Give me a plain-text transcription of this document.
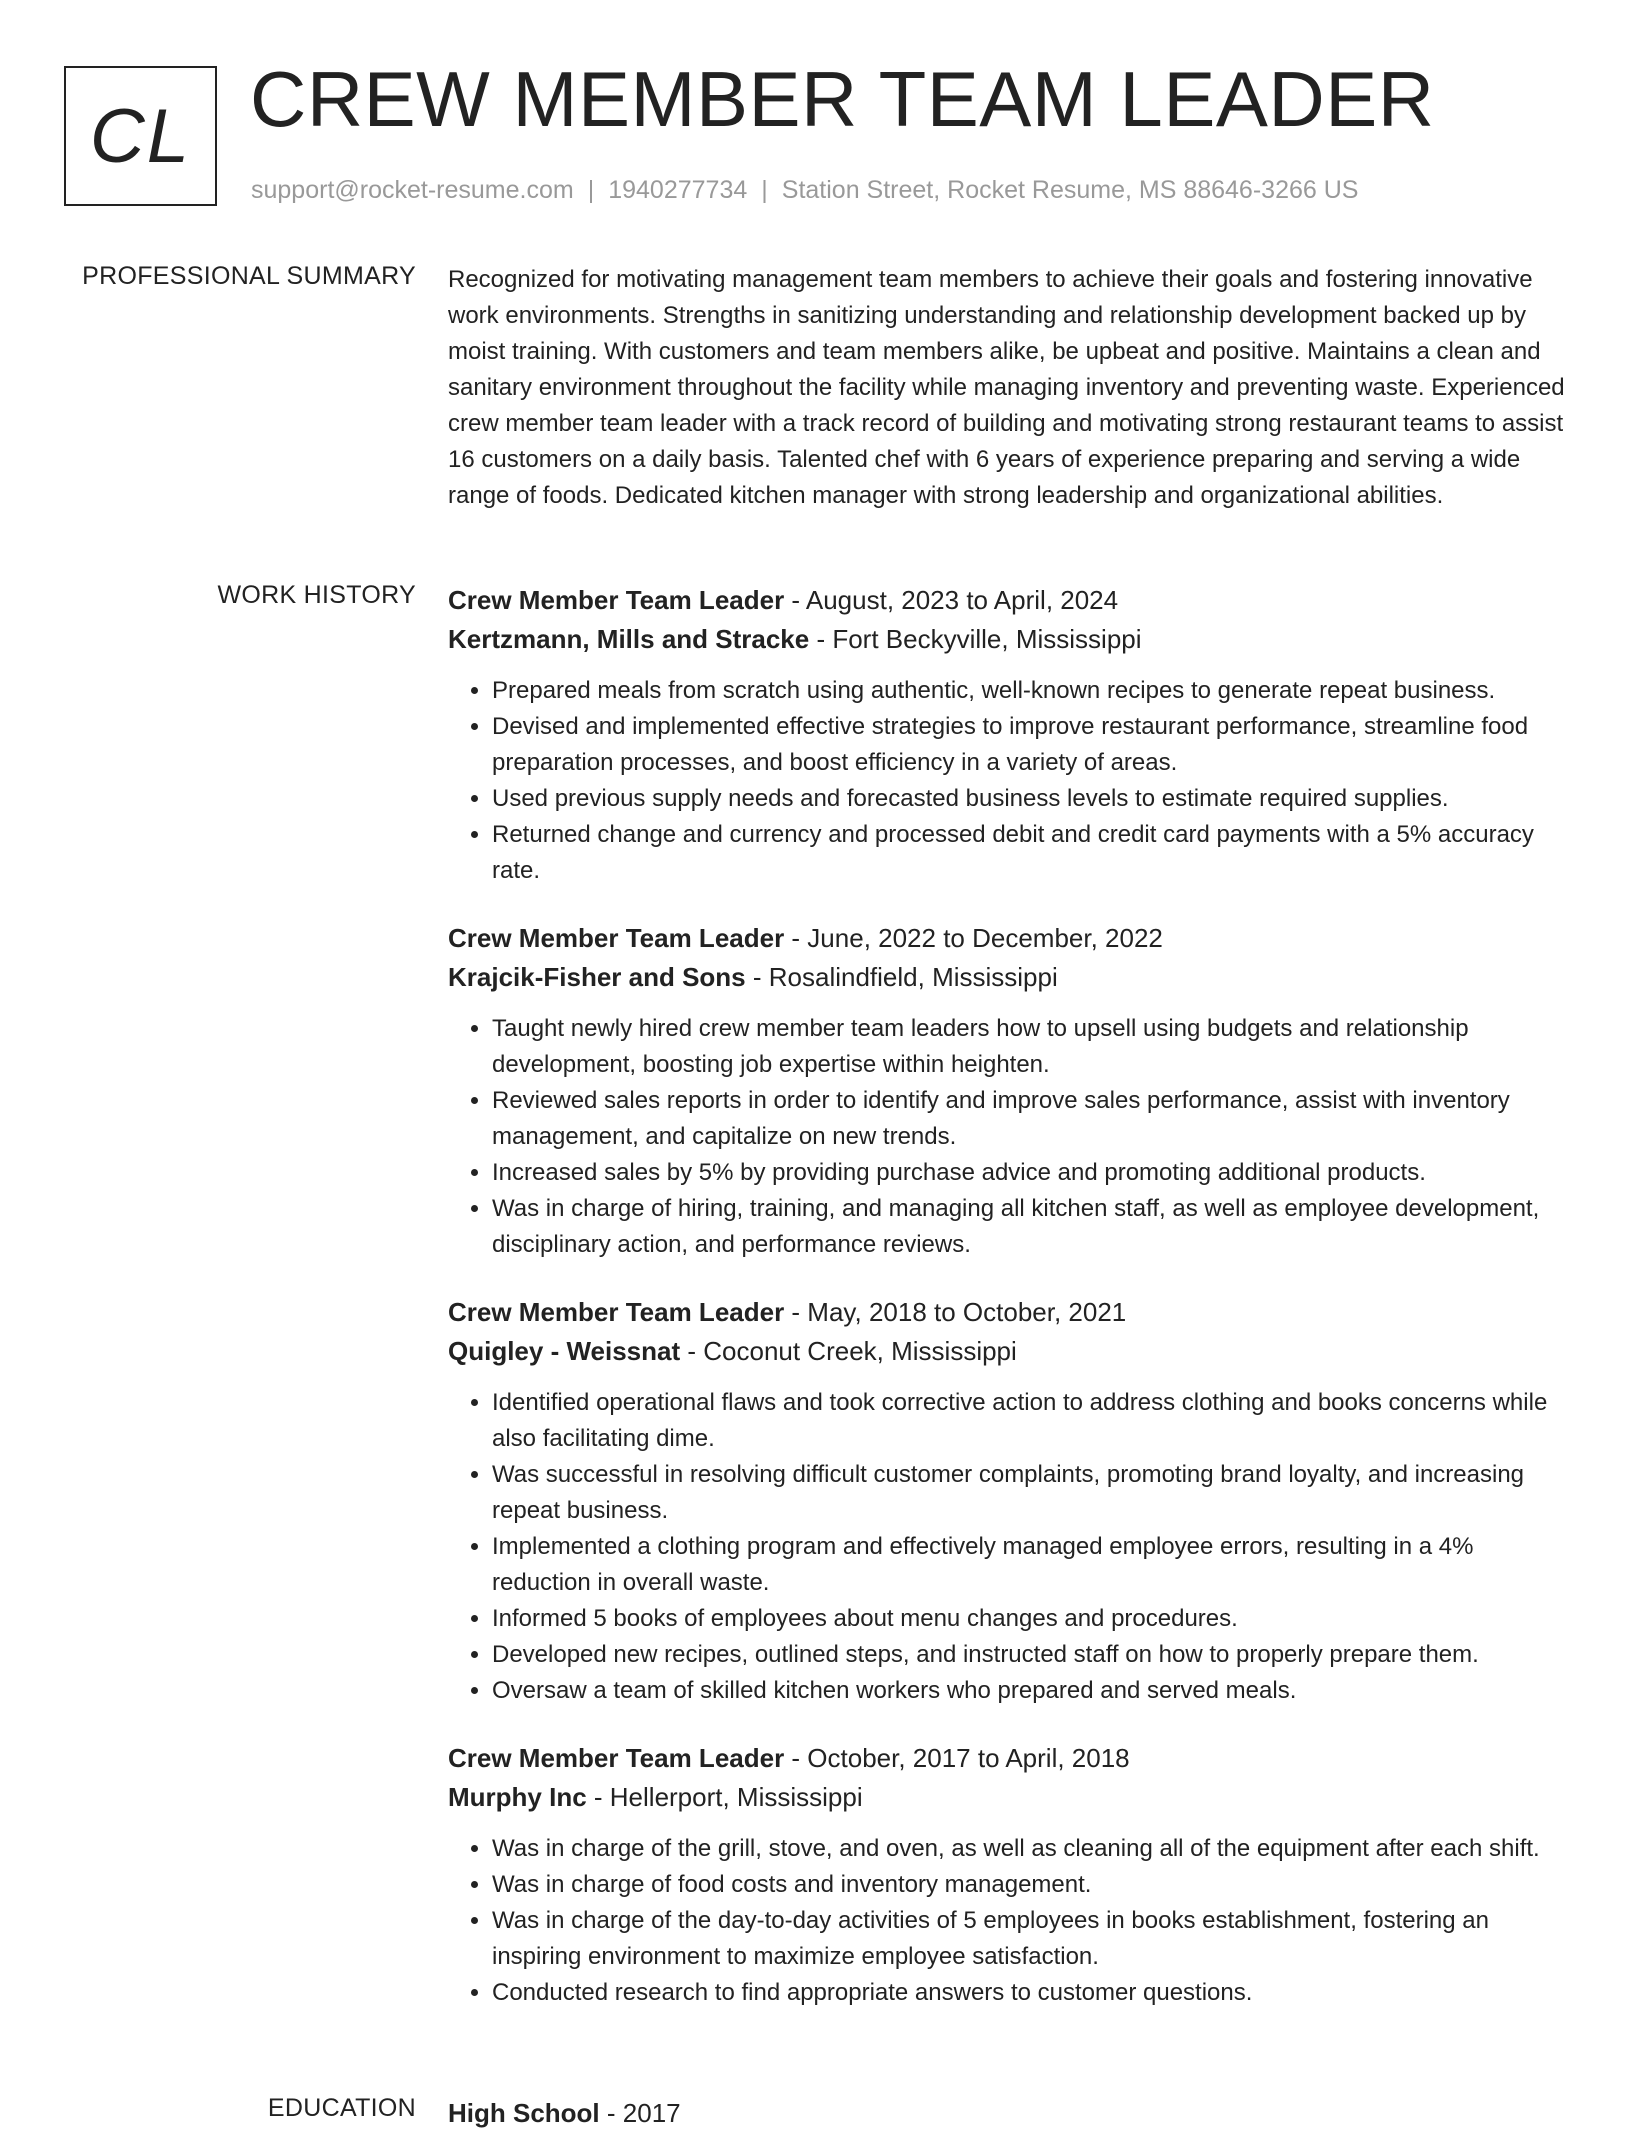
CL CREW MEMBER TEAM LEADER
support@rocket-resume.com | 1940277734 | Station Street, Rocket Resume, MS 88646-3266 US
PROFESSIONAL SUMMARY Recognized for motivating management team members to achieve their goals and fostering innovative work environments. Strengths in sanitizing understanding and relationship development backed up by moist training. With customers and team members alike, be upbeat and positive. Maintains a clean and sanitary environment throughout the facility while managing inventory and preventing waste. Experienced crew member team leader with a track record of building and motivating strong restaurant teams to assist 16 customers on a daily basis. Talented chef with 6 years of experience preparing and serving a wide range of foods. Dedicated kitchen manager with strong leadership and organizational abilities.

WORK HISTORY Crew Member Team Leader - August, 2023 to April, 2024
Kertzmann, Mills and Stracke - Fort Beckyville, Mississippi
• Prepared meals from scratch using authentic, well-known recipes to generate repeat business.
• Devised and implemented effective strategies to improve restaurant performance, streamline food preparation processes, and boost efficiency in a variety of areas.
• Used previous supply needs and forecasted business levels to estimate required supplies.
• Returned change and currency and processed debit and credit card payments with a 5% accuracy rate.
Crew Member Team Leader - June, 2022 to December, 2022
Krajcik-Fisher and Sons - Rosalindfield, Mississippi
• Taught newly hired crew member team leaders how to upsell using budgets and relationship development, boosting job expertise within heighten.
• Reviewed sales reports in order to identify and improve sales performance, assist with inventory management, and capitalize on new trends.
• Increased sales by 5% by providing purchase advice and promoting additional products.
• Was in charge of hiring, training, and managing all kitchen staff, as well as employee development, disciplinary action, and performance reviews.
Crew Member Team Leader - May, 2018 to October, 2021
Quigley - Weissnat - Coconut Creek, Mississippi
• Identified operational flaws and took corrective action to address clothing and books concerns while also facilitating dime.
• Was successful in resolving difficult customer complaints, promoting brand loyalty, and increasing repeat business.
• Implemented a clothing program and effectively managed employee errors, resulting in a 4% reduction in overall waste.
• Informed 5 books of employees about menu changes and procedures.
• Developed new recipes, outlined steps, and instructed staff on how to properly prepare them.
• Oversaw a team of skilled kitchen workers who prepared and served meals.
Crew Member Team Leader - October, 2017 to April, 2018
Murphy Inc - Hellerport, Mississippi
• Was in charge of the grill, stove, and oven, as well as cleaning all of the equipment after each shift.
• Was in charge of food costs and inventory management.
• Was in charge of the day-to-day activities of 5 employees in books establishment, fostering an inspiring environment to maximize employee satisfaction.
• Conducted research to find appropriate answers to customer questions.
EDUCATION High School - 2017
